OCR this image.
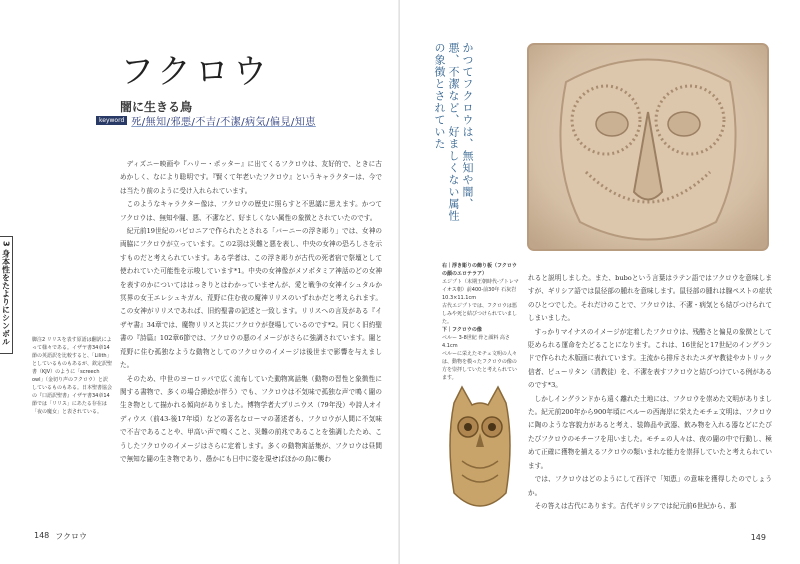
フクロウ
闇に生きる鳥
keyword 死/無知/邪悪/不吉/不潔/病気/偏見/知恵
3 身本性をたよりにシンボル

ディズニー映画や『ハリー・ポッター』に出てくるフクロウは、友好的で、ときに古めかしく、なにより聡明です。『賢くて年老いたフクロウ』というキャラクターは、今では当たり前のように受け入れられています。

このようなキャラクター像は、フクロウの歴史に照らすと不思議に思えます。かつてフクロウは、無知や闇、悪、不潔など、好ましくない属性の象徴とされていたのです。

紀元前19世紀のバビロニアで作られたとされる「バーニーの浮き彫り」では、女神の両脇にフクロウが立っています。この2羽は災難と悪を表し、中央の女神の恐ろしさを示すものだと考えられています。ある学者は、この浮き彫りが古代の死者宿で祭壇として使われていた可能性を示唆しています*1。中央の女神像がメソポタミア神話のどの女神を表すのかについてははっきりとはわかっていませんが、愛と戦争の女神イシュタルか冥界の女王エレシュキガル、荒野に住む夜の魔神リリスのいずれかだと考えられます。この女神がリリスであれば、旧約聖書の記述と一致します。リリスへの言及がある『イザヤ書』34章では、魔物リリスと共にフクロウが登場しているのです*2。同じく旧約聖書の『詩篇』102章6節では、フクロウの悪のイメージがさらに強調されています。闇と荒野に住む孤独なような動物としてのフクロウのイメージは後世まで影響を与えました。

そのため、中世のヨーロッパで広く流布していた動物寓話集（動物の習性と象徴性に関する書物で、多くの場合挿絵が伴う）でも、フクロウは不気味で孤独な声で鳴く闇の生き物として描かれる傾向がありました。博物学者大プリニウス（79年没）や詩人オイディウス（前43-後17年頃）などの著名なローマの著述者も、フクロウが人間に不気味で不吉であることや、甲高い声で鳴くこと、災難の前兆であることを強調したため、こうしたフクロウのイメージはさらに定着します。多くの動物寓話集が、フクロウは昼間で無知な闇の生き物であり、愚かにも日中に姿を現せばほかの鳥に襲わ

脚注2 リリスを表す原語は翻訳によって様々である。イザヤ書34章14節の英語訳を比較すると、「Lilith」としているものもあるが、欽定訳聖書（KJV）のように「screech owl」（金切り声のフクロウ）と訳しているものもある。日本聖書協会の『口語訳聖書』イザヤ書34章14節では「リリス」にあたる存在は「夜の魔女」と表されている。
148 フクロウ	149
かつてフクロウは、無知や闇、悪、不潔など、好ましくない属性の象徴とされていた
右｜浮き彫りの飾り板（フクロウの顔のエロテラア）
エジプト（末期王朝時代-プトレマイオス朝）前400-前30年 石灰岩 10.3×11.1cm
古代エジプトでは、フクロウは悪しみや死と結びつけられていました。
下｜フクロウの像
ペルー 3-8世紀 骨と顔料 高さ4.1cm
ペルーに栄えたモチェ文明の人々は、動物を模ったフクロウの像の方を崇拝していたと考えられています。

れると説明しました。また、buboという言葉はラテン語ではフクロウを意味しますが、ギリシア語では鼠径部の腫れを意味します。鼠径部の腫れは腺ペストの症状のひとつでした。それだけのことで、フクロウは、不潔・病気とも結びつけられてしまいました。

すっかりマイナスのイメージが定着したフクロウは、残酷さと偏見の象徴として貶められる運命をたどることになります。これは、16世紀と17世紀のイングランドで作られた木版画に表れています。主流から排斥されたユダヤ教徒やカトリック信者、ピューリタン（清教徒）を、不潔を表すフクロウと結びつけている例があるのです*3。

しかしイングランドから遠く離れた土地には、フクロウを崇めた文明がありました。紀元前200年から900年頃にペルーの西海岸に栄えたモチェ文明は、フクロウに陶のような容貌力があると考え、装飾品や武器、飲み物を入れる器などにたびたびフクロウのモチーフを用いました。モチェの人々は、夜の闇の中で行動し、極めて正確に獲物を捕えるフクロウの類いまれな能力を崇拝していたと考えられています。

では、フクロウはどのようにして西洋で「知恵」の意味を獲得したのでしょうか。

その答えは古代にあります。古代ギリシアでは紀元前6世紀から、那
